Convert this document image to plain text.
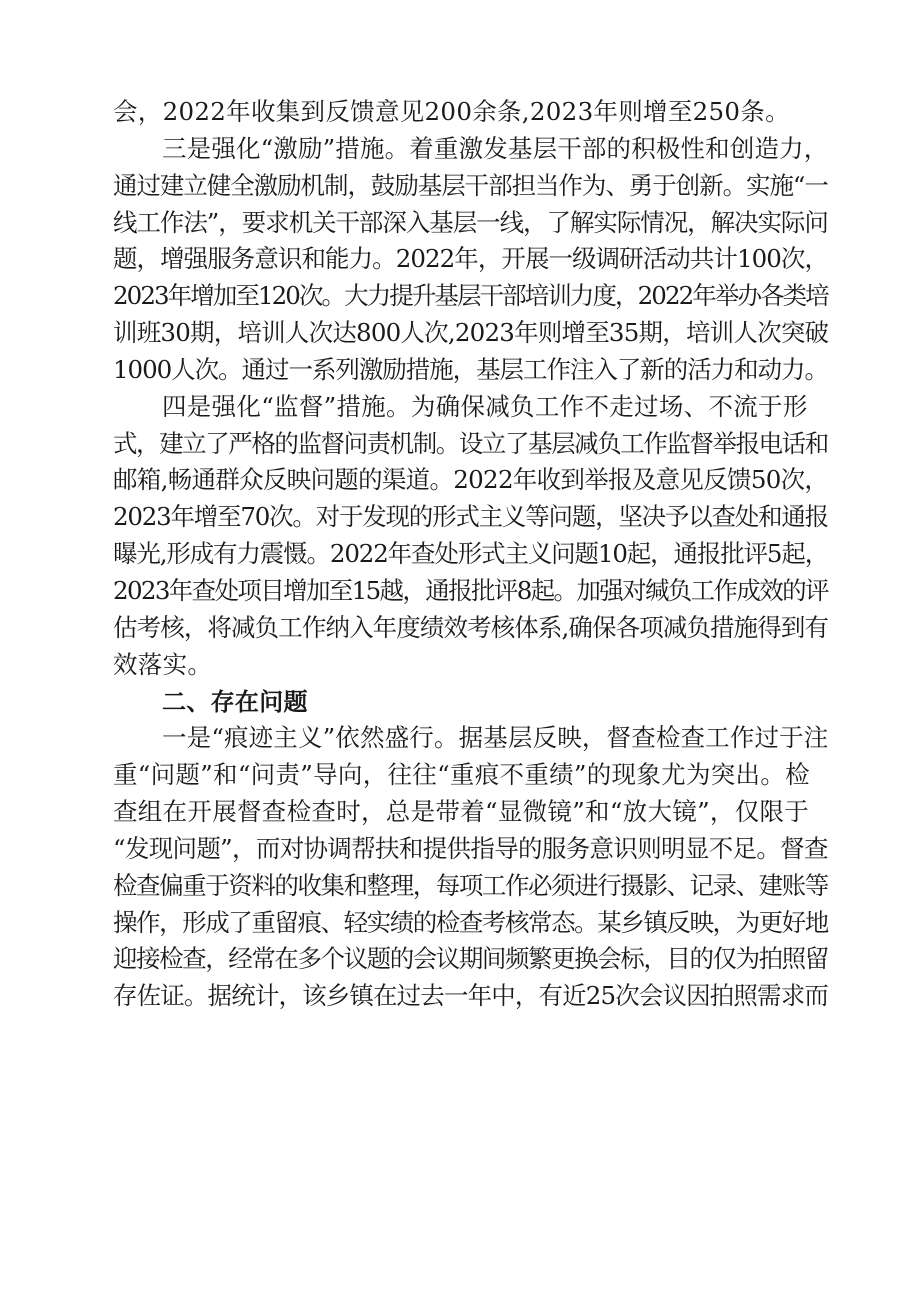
会，2022年收集到反馈意见200余条,2023年则增至250条。
三是强化“激励”措施。着重激发基层干部的积极性和创造力，
通过建立健全激励机制，鼓励基层干部担当作为、勇于创新。实施“一
线工作法”，要求机关干部深入基层一线，了解实际情况，解决实际问
题，增强服务意识和能力。2022年，开展一级调研活动共计100次，
2023年增加至120次。大力提升基层干部培训力度，2022年举办各类培
训班30期，培训人次达800人次,2023年则增至35期，培训人次突破
1000人次。通过一系列激励措施，基层工作注入了新的活力和动力。
四是强化“监督”措施。为确保减负工作不走过场、不流于形
式，建立了严格的监督问责机制。设立了基层减负工作监督举报电话和
邮箱,畅通群众反映问题的渠道。2022年收到举报及意见反馈50次，
2023年增至70次。对于发现的形式主义等问题，坚决予以查处和通报
曝光,形成有力震慑。2022年查处形式主义问题10起，通报批评5起，
2023年查处项目增加至15越，通报批评8起。加强对缄负工作成效的评
估考核，将减负工作纳入年度绩效考核体系,确保各项减负措施得到有
效落实。
二、存在问题
一是“痕迹主义”依然盛行。据基层反映，督查检查工作过于注
重“问题”和“问责”导向，往往“重痕不重绩”的现象尤为突出。检
查组在开展督查检查时，总是带着“显微镜”和“放大镜”，仅限于
“发现问题”，而对协调帮扶和提供指导的服务意识则明显不足。督查
检查偏重于资料的收集和整理，每项工作必须进行摄影、记录、建账等
操作，形成了重留痕、轻实绩的检查考核常态。某乡镇反映，为更好地
迎接检查，经常在多个议题的会议期间频繁更换会标，目的仅为拍照留
存佐证。据统计，该乡镇在过去一年中，有近25次会议因拍照需求而
